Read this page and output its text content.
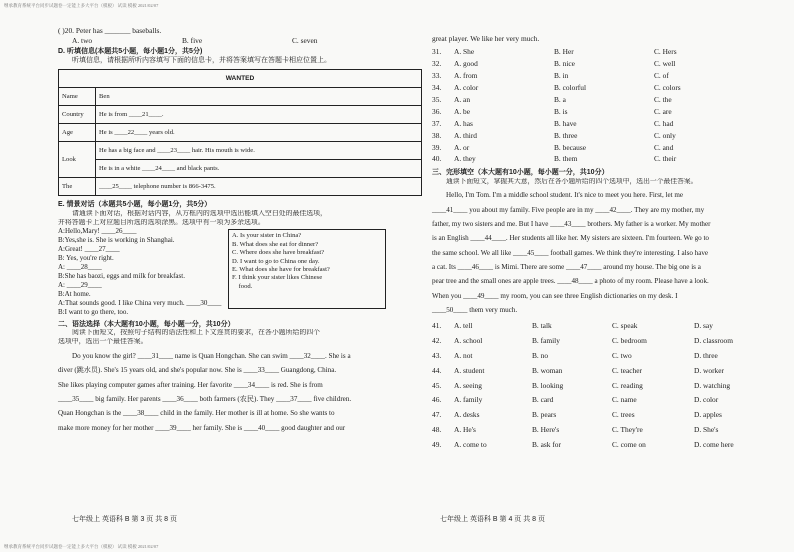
继承教育系统平台同步试题卷一定能上多大平台（模板） 试读 模板 2021/02/07
( )20. Peter has _______ baseballs.
A. two	B. five	C. seven
D. 听填信息(本题共5小题，每小题1分，共5分)
听填信息，请根据所听内容填写下面的信息卡，并将答案填写在答题卡相应位置上。
WANTED	
Name	Ben
Country	He is from ____21____.
Age	He is ____22____ years old.
Look	He has a big face and ____23____ hair. His mouth is wide.
	He is in a white ____24____ and black pants.
The	____25____ telephone number is 866-3475.
E. 情景对话（本题共5小题，每小题1分，共5分）
请通读下面对话，根据对话内容，从方框内的选项中选出能填入空白处的最佳选项，
并将答题卡上对应题目所选的选项涂黑。选项中有一项为多余选项。
A:Hello,Mary! ____26____
B:Yes,she is. She is working in Shanghai.
A:Great! ____27____
B: Yes, you're right.
A: ____28____
B:She has baozi, eggs and milk for breakfast.
A: ____29____
B:At home.
A:That sounds good. I like China very much. ____30____
B:I want to go there, too.
A. Is your sister in China?
B. What does she eat for dinner?
C. Where does she have breakfast?
D. I want to go to China one day.
E. What does she have for breakfast?
F. I think your sister likes Chinese
food.
二、语法选择（本大题有10小题，每小题一分，共10分）
阅读下面短文，按照句子结构的语法性和上下文连贯的要求，在各小题所给的四个
选项中，选出一个最佳答案。
Do you know the girl? ____31____ name is Quan Hongchan. She can swim ____32____. She is a
diver (跳水员). She's 15 years old, and she's popular now. She is ____33____ Guangdong, China.
She likes playing computer games after training. Her favorite ____34____ is red. She is from
____35____ big family. Her parents ____36____ both farmers (农民). They ____37____ five children.
Quan Hongchan is the ____38____ child in the family. Her mother is ill at home. So she wants to
make more money for her mother ____39____ her family. She is ____40____ good daughter and our
七年级上 英语科 B 第 3 页 共 8 页
great player. We like her very much.
31.	A. She	B. Her	C. Hers
32.	A. good	B. nice	C. well
33.	A. from	B. in	C. of
34.	A. color	B. colorful	C. colors
35.	A. an	B. a	C. the
36.	A. be	B. is	C. are
37.	A. has	B. have	C. had
38.	A. third	B. three	C. only
39.	A. or	B. because	C. and
40.	A. they	B. them	C. their
三、完形填空（本大题有10小题，每小题一分，共10分）
通读下面短文，掌握其大意，然后在各小题所给的四个选项中，选出一个最佳答案。
Hello, I'm Tom. I'm a middle school student. It's nice to meet you here. First, let me
____41____ you about my family. Five people are in my ____42____. They are my mother, my
father, my two sisters and me. But I have ____43____ brothers. My father is a worker. My mother
is an English ____44____. Her students all like her. My sisters are sixteen. I'm fourteen. We go to
the same school. We all like ____45____ football games. We think they're interesting. I also have
a cat. Its ____46____ is Mimi. There are some ____47____ around my house. The big one is a
pear tree and the small ones are apple trees. ____48____ a photo of my room. Please have a look.
When you ____49____ my room, you can see three English dictionaries on my desk. I
____50____ them very much.
41.	A. tell	B. talk	C. speak	D. say
42.	A. school	B. family	C. bedroom	D. classroom
43.	A. not	B. no	C. two	D. three
44.	A. student	B. woman	C. teacher	D. worker
45.	A. seeing	B. looking	C. reading	D. watching
46.	A. family	B. card	C. name	D. color
47.	A. desks	B. pears	C. trees	D. apples
48.	A. He's	B. Here's	C. They're	D. She's
49.	A. come to	B. ask for	C. come on	D. come here
七年级上 英语科 B 第 4 页 共 8 页
继承教育系统平台同步试题卷一定能上多大平台（模板） 试读 模板 2021/02/07
